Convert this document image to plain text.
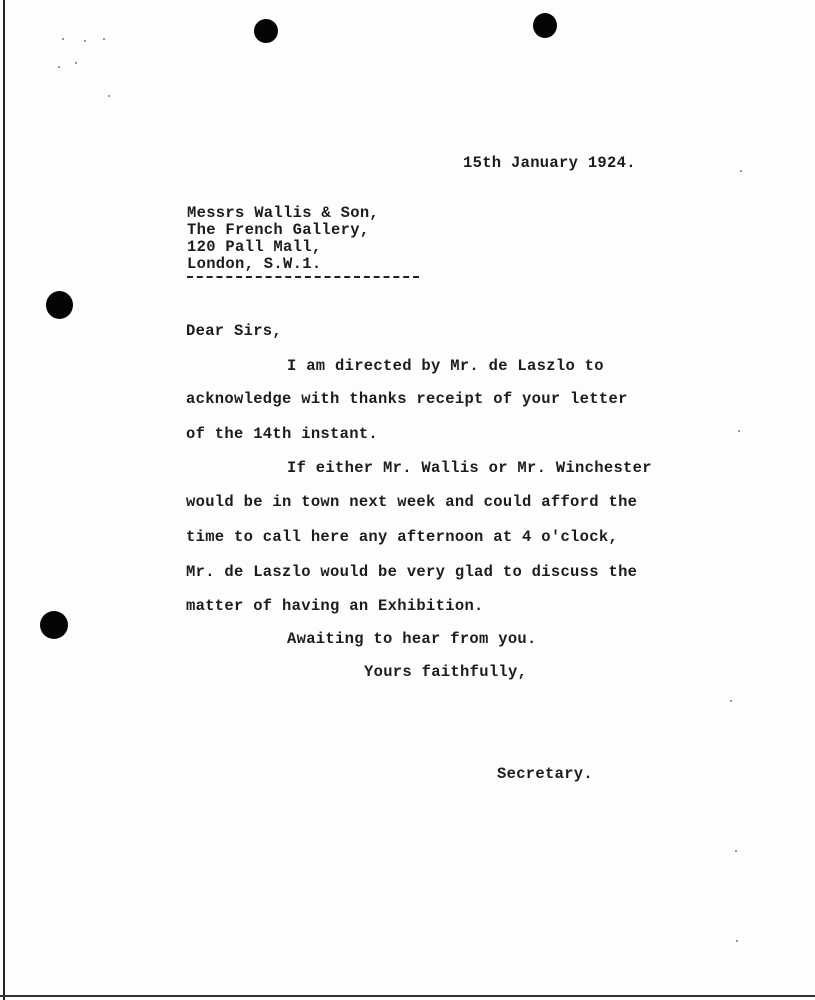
15th January 1924.
Messrs Wallis & Son,
The French Gallery,
120 Pall Mall,
London, S.W.1.
Dear Sirs,
I am directed by Mr. de Laszlo to
acknowledge with thanks receipt of your letter
of the 14th instant.
If either Mr. Wallis or Mr. Winchester
would be in town next week and could afford the
time to call here any afternoon at 4 o'clock,
Mr. de Laszlo would be very glad to discuss the
matter of having an Exhibition.
Awaiting to hear from you.
Yours faithfully,
Secretary.
